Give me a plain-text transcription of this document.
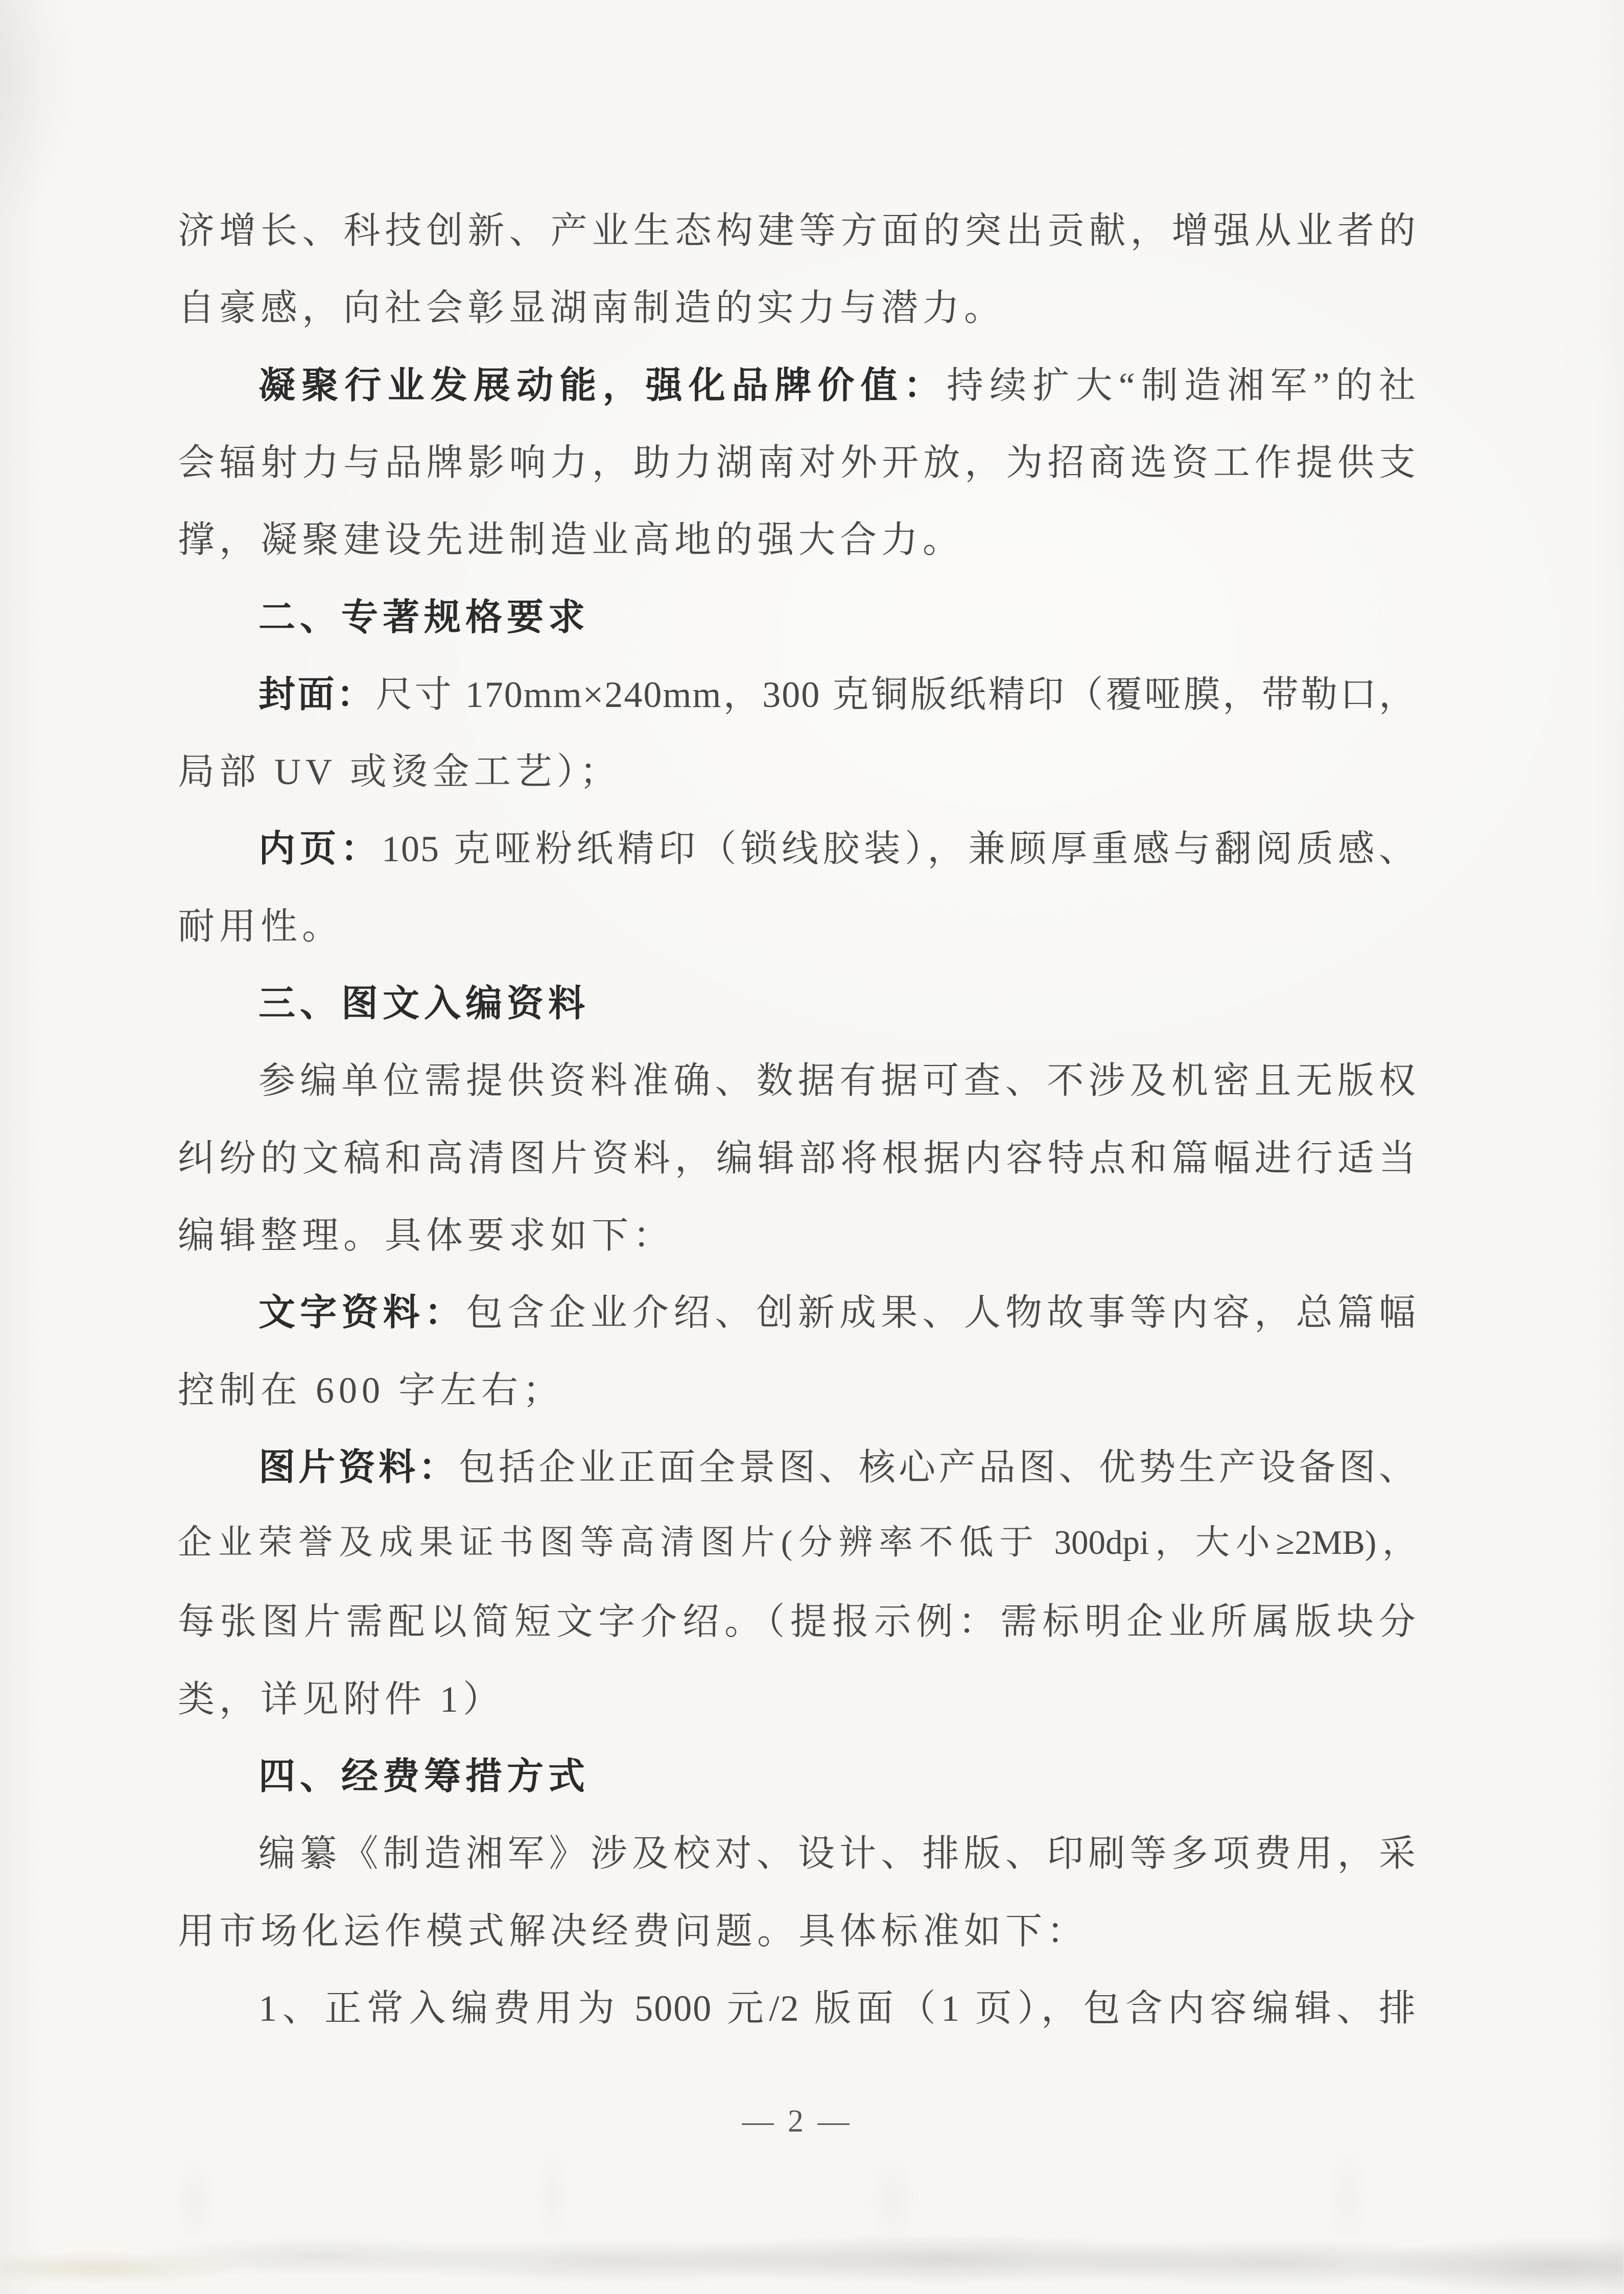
济增长、科技创新、产业生态构建等方面的突出贡献，增强从业者的
自豪感，向社会彰显湖南制造的实力与潜力。
凝聚行业发展动能，强化品牌价值：持续扩大“制造湘军”的社
会辐射力与品牌影响力，助力湖南对外开放，为招商选资工作提供支
撑，凝聚建设先进制造业高地的强大合力。
二、专著规格要求
封面：尺寸 170mm×240mm，300 克铜版纸精印（覆哑膜，带勒口，
局部 UV 或烫金工艺）；
内页：105 克哑粉纸精印（锁线胶装），兼顾厚重感与翻阅质感、
耐用性。
三、图文入编资料
参编单位需提供资料准确、数据有据可查、不涉及机密且无版权
纠纷的文稿和高清图片资料，编辑部将根据内容特点和篇幅进行适当
编辑整理。具体要求如下：
文字资料：包含企业介绍、创新成果、人物故事等内容，总篇幅
控制在 600 字左右；
图片资料：包括企业正面全景图、核心产品图、优势生产设备图、
企业荣誉及成果证书图等高清图片(分辨率不低于 300dpi，大小≥2MB)，
每张图片需配以简短文字介绍。（提报示例：需标明企业所属版块分
类，详见附件 1）
四、经费筹措方式
编纂《制造湘军》涉及校对、设计、排版、印刷等多项费用，采
用市场化运作模式解决经费问题。具体标准如下：
1、正常入编费用为 5000 元/2 版面（1 页），包含内容编辑、排
— 2 —
